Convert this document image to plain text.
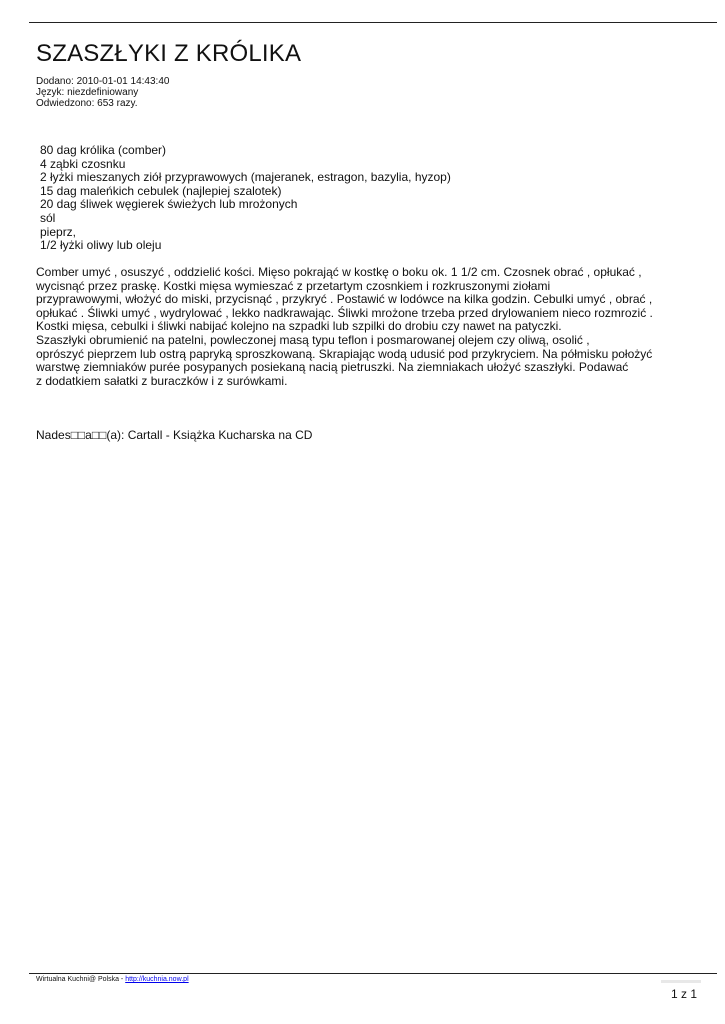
SZASZŁYKI Z KRÓLIKA
Dodano: 2010-01-01 14:43:40
Język: niezdefiniowany
Odwiedzono: 653 razy.
80 dag królika (comber)
4 ząbki czosnku
2 łyżki mieszanych ziół przyprawowych (majeranek, estragon, bazylia, hyzop)
15 dag maleńkich cebulek (najlepiej szalotek)
20 dag śliwek węgierek świeżych lub mrożonych
sól
pieprz,
1/2 łyżki oliwy lub oleju
Comber umyć , osuszyć , oddzielić kości. Mięso pokrająć w kostkę o boku ok. 1 1/2 cm. Czosnek obrać , opłukać ,
wycisnąć przez praskę. Kostki mięsa wymieszać z przetartym czosnkiem i rozkruszonymi ziołami
przyprawowymi, włożyć do miski, przycisnąć , przykryć . Postawić w lodówce na kilka godzin. Cebulki umyć , obrać ,
opłukać . Śliwki umyć , wydrylować , lekko nadkrawając. Śliwki mrożone trzeba przed drylowaniem nieco rozmrozić .
Kostki mięsa, cebulki i śliwki nabijać kolejno na szpadki lub szpilki do drobiu czy nawet na patyczki.
Szaszłyki obrumienić na patelni, powleczonej masą typu teflon i posmarowanej olejem czy oliwą, osolić ,
oprószyć pieprzem lub ostrą papryką sproszkowaną. Skrapiając wodą udusić pod przykryciem. Na półmisku położyć
warstwę ziemniaków purée posypanych posiekaną nacią pietruszki. Na ziemniakach ułożyć szaszłyki. Podawać
z dodatkiem sałatki z buraczków i z surówkami.
Nades□□a□□(a): Cartall - Książka Kucharska na CD
Wirtualna Kuchni@ Polska - http://kuchnia.now.pl
1 z 1
